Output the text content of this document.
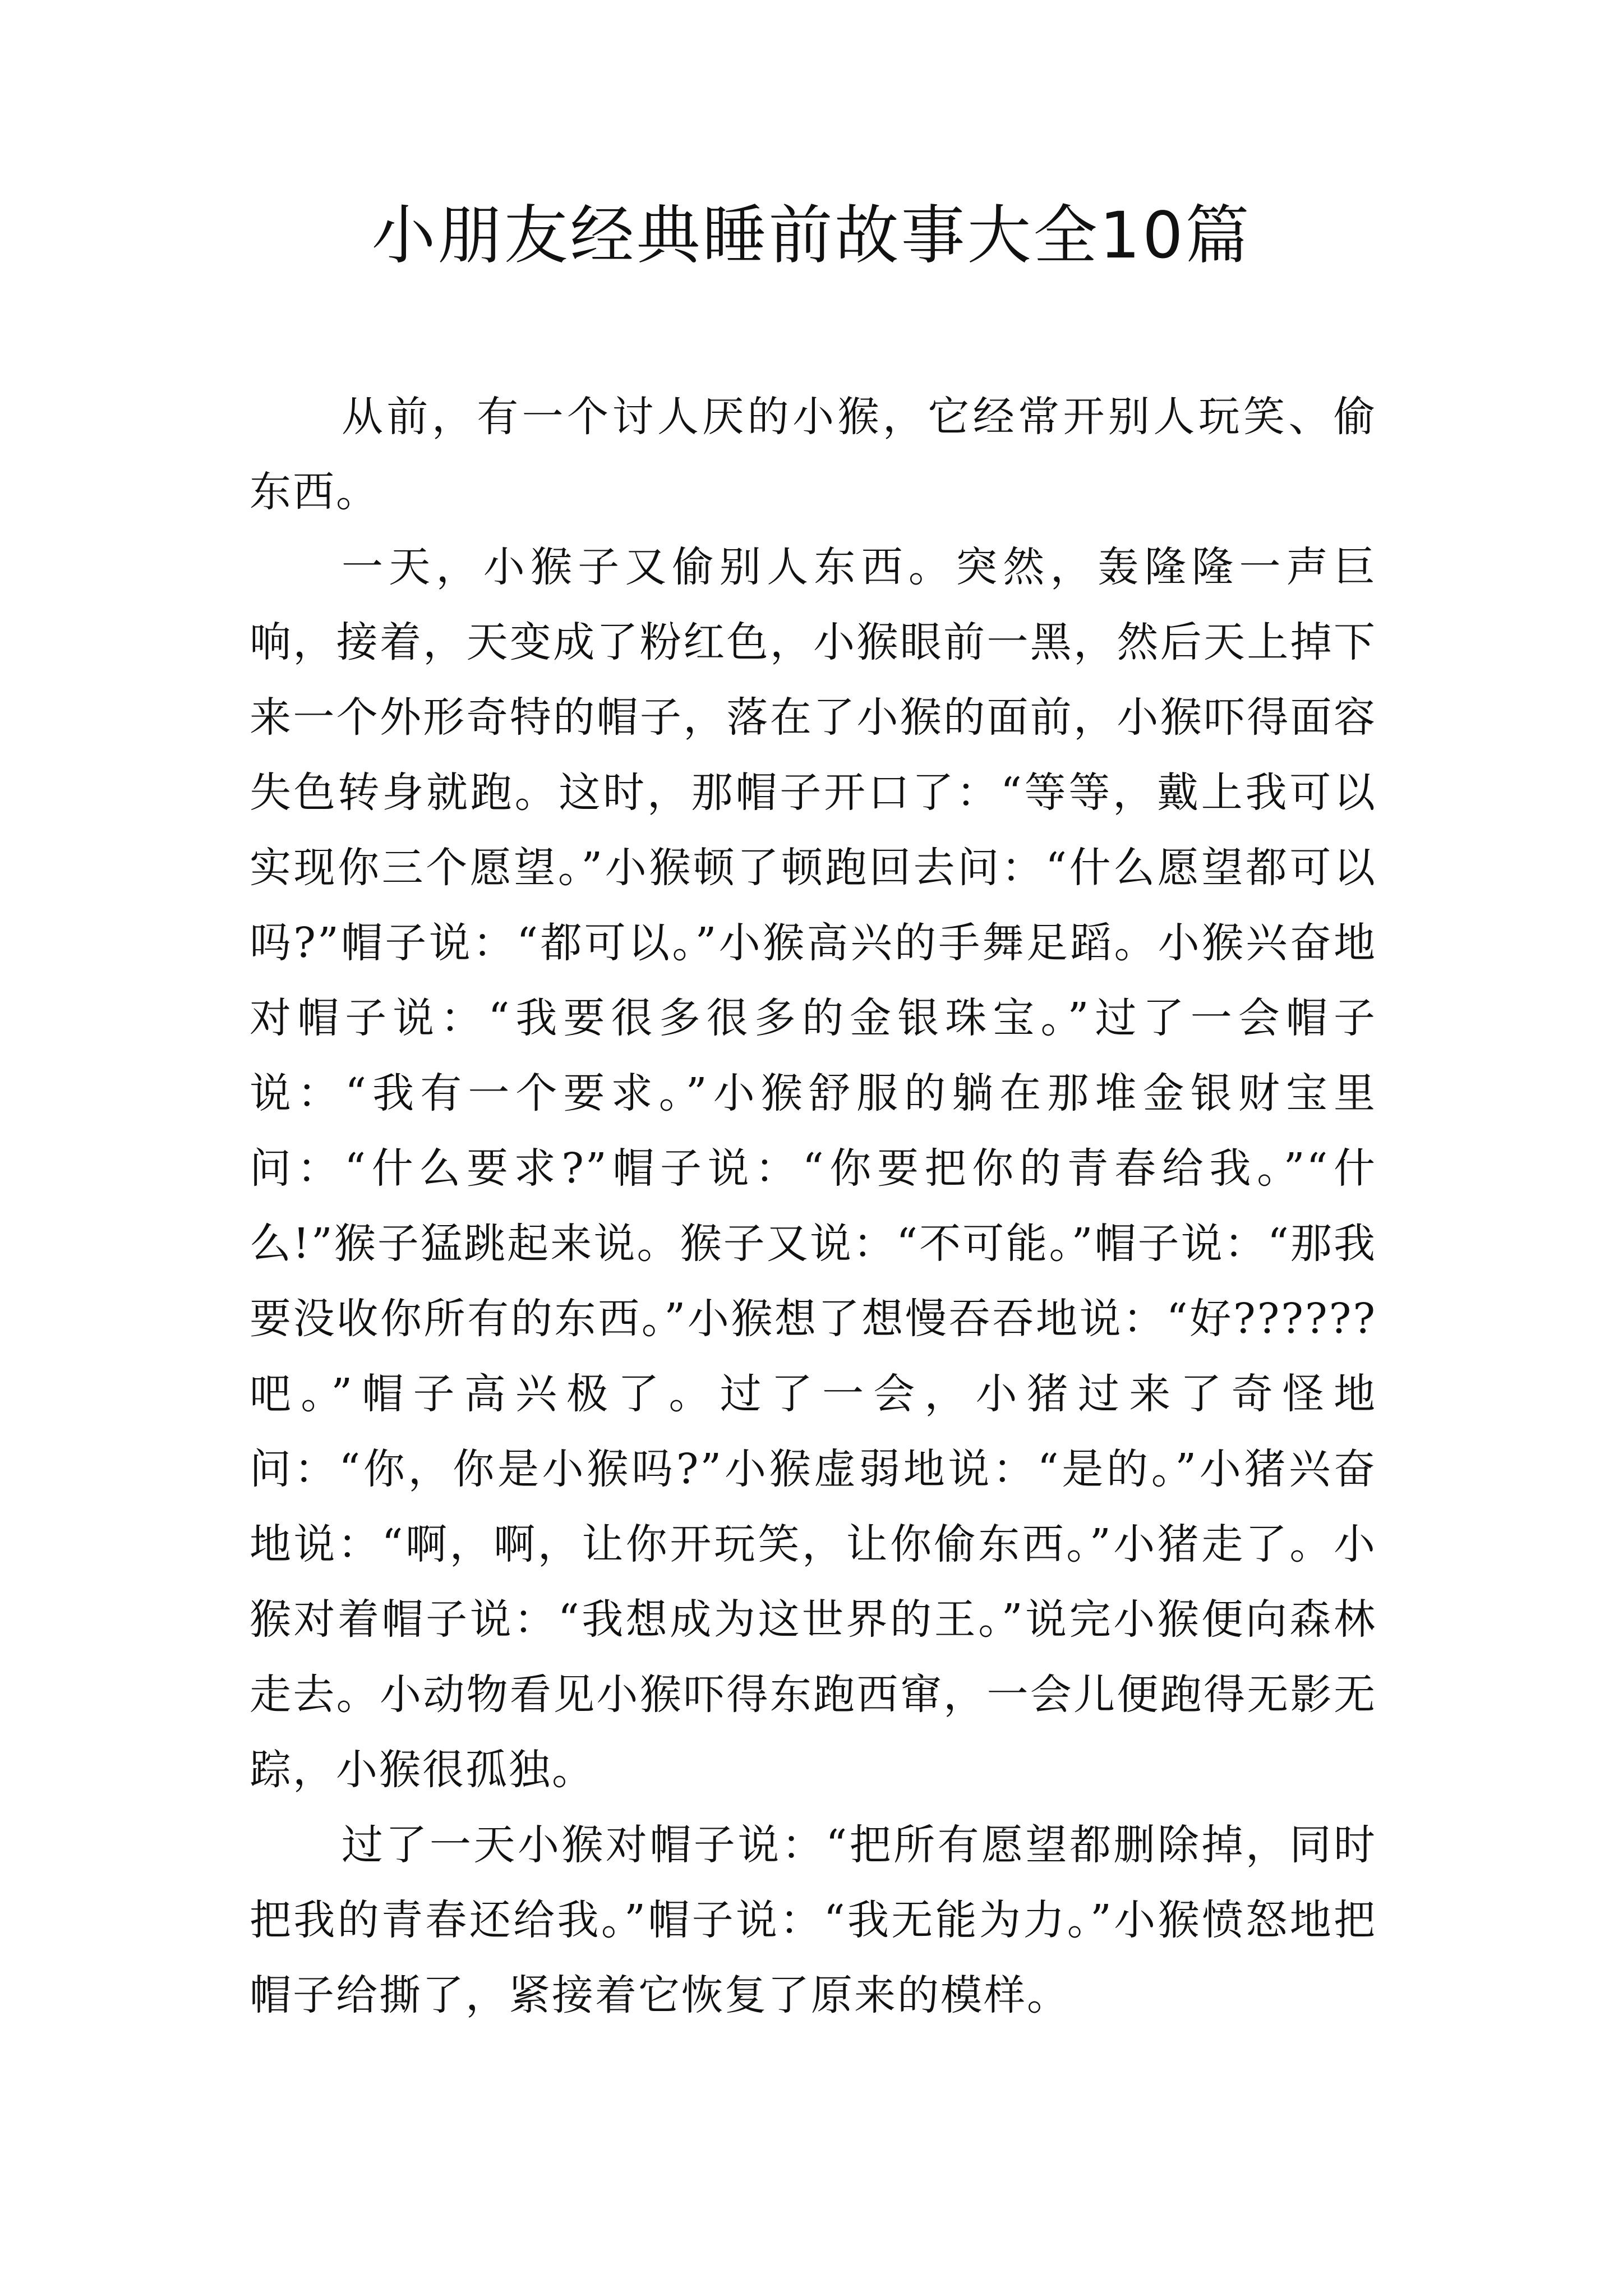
小朋友经典睡前故事大全10篇

从前，有一个讨人厌的小猴，它经常开别人玩笑、偷东西。

一天，小猴子又偷别人东西。突然，轰隆隆一声巨响，接着，天变成了粉红色，小猴眼前一黑，然后天上掉下来一个外形奇特的帽子，落在了小猴的面前，小猴吓得面容失色转身就跑。这时，那帽子开口了：“等等，戴上我可以实现你三个愿望。”小猴顿了顿跑回去问：“什么愿望都可以吗?”帽子说：“都可以。”小猴高兴的手舞足蹈。小猴兴奋地对帽子说：“我要很多很多的金银珠宝。”过了一会帽子说：“我有一个要求。”小猴舒服的躺在那堆金银财宝里问：“什么要求?”帽子说：“你要把你的青春给我。”“什么!”猴子猛跳起来说。猴子又说：“不可能。”帽子说：“那我要没收你所有的东西。”小猴想了想慢吞吞地说：“好??????吧。”帽子高兴极了。过了一会，小猪过来了奇怪地问：“你，你是小猴吗?”小猴虚弱地说：“是的。”小猪兴奋地说：“啊，啊，让你开玩笑，让你偷东西。”小猪走了。小猴对着帽子说：“我想成为这世界的王。”说完小猴便向森林走去。小动物看见小猴吓得东跑西窜，一会儿便跑得无影无踪，小猴很孤独。

过了一天小猴对帽子说：“把所有愿望都删除掉，同时把我的青春还给我。”帽子说：“我无能为力。”小猴愤怒地把帽子给撕了，紧接着它恢复了原来的模样。
